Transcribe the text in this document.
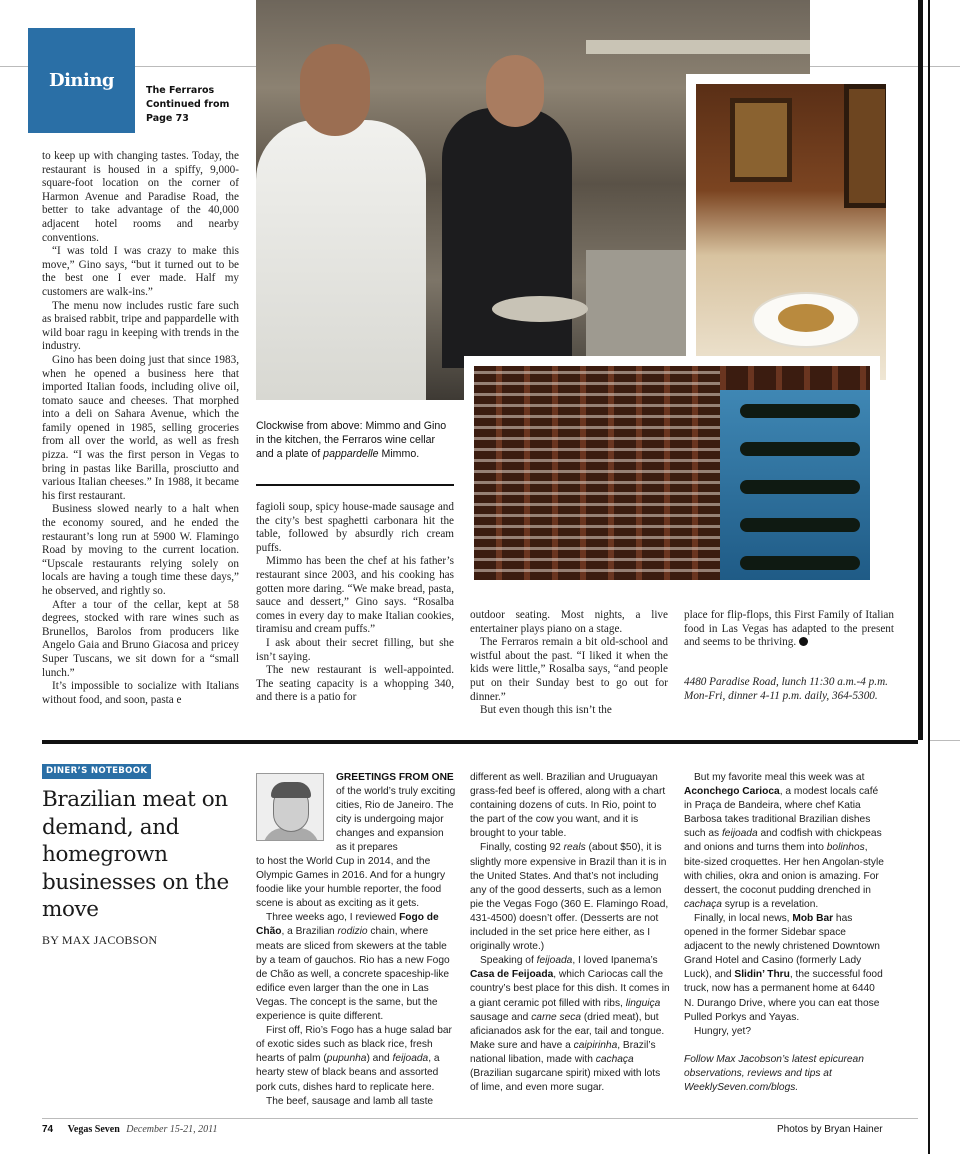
Dining	The Ferraros
Continued from
Page 73

to keep up with changing tastes. Today, the restaurant is housed in a spiffy, 9,000-square-foot location on the corner of Harmon Avenue and Paradise Road, the better to take advantage of the 40,000 adjacent hotel rooms and nearby conventions.

“I was told I was crazy to make this move,” Gino says, “but it turned out to be the best one I ever made. Half my customers are walk-ins.”

The menu now includes rustic fare such as braised rabbit, tripe and pappardelle with wild boar ragu in keeping with trends in the industry.

Gino has been doing just that since 1983, when he opened a business here that imported Italian foods, including olive oil, tomato sauce and cheeses. That morphed into a deli on Sahara Avenue, which the family opened in 1985, selling groceries from all over the world, as well as fresh pizza. “I was the first person in Vegas to bring in pastas like Barilla, prosciutto and various Italian cheeses.” In 1988, it became his first restaurant.

Business slowed nearly to a halt when the economy soured, and he ended the restaurant’s long run at 5900 W. Flamingo Road by moving to the current location. “Upscale restaurants relying solely on locals are having a tough time these days,” he observed, and rightly so.

After a tour of the cellar, kept at 58 degrees, stocked with rare wines such as Brunellos, Barolos from producers like Angelo Gaia and Bruno Giacosa and pricey Super Tuscans, we sit down for a “small lunch.”

It’s impossible to socialize with Italians without food, and soon, pasta e

Clockwise from above: Mimmo and Gino in the kitchen, the Ferraros wine cellar and a plate of pappardelle Mimmo.

fagioli soup, spicy house-made sausage and the city’s best spaghetti carbonara hit the table, followed by absurdly rich cream puffs.

Mimmo has been the chef at his father’s restaurant since 2003, and his cooking has gotten more daring. “We make bread, pasta, sauce and dessert,” Gino says. “Rosalba comes in every day to make Italian cookies, tiramisu and cream puffs.”

I ask about their secret filling, but she isn’t saying.

The new restaurant is well-appointed. The seating capacity is a whopping 340, and there is a patio for

outdoor seating. Most nights, a live entertainer plays piano on a stage.

The Ferraros remain a bit old-school and wistful about the past. “I liked it when the kids were little,” Rosalba says, “and people put on their Sunday best to go out for dinner.”

But even though this isn’t the

place for flip-flops, this First Family of Italian food in Las Vegas has adapted to the present and seems to be thriving.

4480 Paradise Road, lunch 11:30 a.m.-4 p.m. Mon-Fri, dinner 4-11 p.m. daily, 364-5300.
DINER’S NOTEBOOK
Brazilian meat on demand, and homegrown businesses on the move
BY MAX JACOBSON

GREETINGS FROM ONE of the world’s truly exciting cities, Rio de Janeiro. The city is undergoing major changes and expansion as it prepares

to host the World Cup in 2014, and the Olympic Games in 2016. And for a hungry foodie like your humble reporter, the food scene is about as exciting as it gets.

Three weeks ago, I reviewed Fogo de Chão, a Brazilian rodizio chain, where meats are sliced from skewers at the table by a team of gauchos. Rio has a new Fogo de Chão as well, a concrete spaceship-like edifice even larger than the one in Las Vegas. The concept is the same, but the experience is quite different.

First off, Rio’s Fogo has a huge salad bar of exotic sides such as black rice, fresh hearts of palm (pupunha) and feijoada, a hearty stew of black beans and assorted pork cuts, dishes hard to replicate here.

The beef, sausage and lamb all taste

different as well. Brazilian and Uruguayan grass-fed beef is offered, along with a chart containing dozens of cuts. In Rio, point to the part of the cow you want, and it is brought to your table.

Finally, costing 92 reals (about $50), it is slightly more expensive in Brazil than it is in the United States. And that’s not including any of the good desserts, such as a lemon pie the Vegas Fogo (360 E. Flamingo Road, 431-4500) doesn’t offer. (Desserts are not included in the set price here either, as I originally wrote.)

Speaking of feijoada, I loved Ipanema’s Casa de Feijoada, which Cariocas call the country’s best place for this dish. It comes in a giant ceramic pot filled with ribs, linguiça sausage and carne seca (dried meat), but aficianados ask for the ear, tail and tongue. Make sure and have a caipirinha, Brazil’s national libation, made with cachaça (Brazilian sugarcane spirit) mixed with lots of lime, and even more sugar.

But my favorite meal this week was at Aconchego Carioca, a modest locals café in Praça de Bandeira, where chef Katia Barbosa takes traditional Brazilian dishes such as feijoada and codfish with chickpeas and onions and turns them into bolinhos, bite-sized croquettes. Her hen Angolan-style with chilies, okra and onion is amazing. For dessert, the coconut pudding drenched in cachaça syrup is a revelation.

Finally, in local news, Mob Bar has opened in the former Sidebar space adjacent to the newly christened Downtown Grand Hotel and Casino (formerly Lady Luck), and Slidin’ Thru, the successful food truck, now has a permanent home at 6440 N. Durango Drive, where you can eat those Pulled Porkys and Yayas.

Hungry, yet?

Follow Max Jacobson’s latest epicurean observations, reviews and tips at WeeklySeven.com/blogs.

74 Vegas Seven December 15-21, 2011	Photos by Bryan Hainer
